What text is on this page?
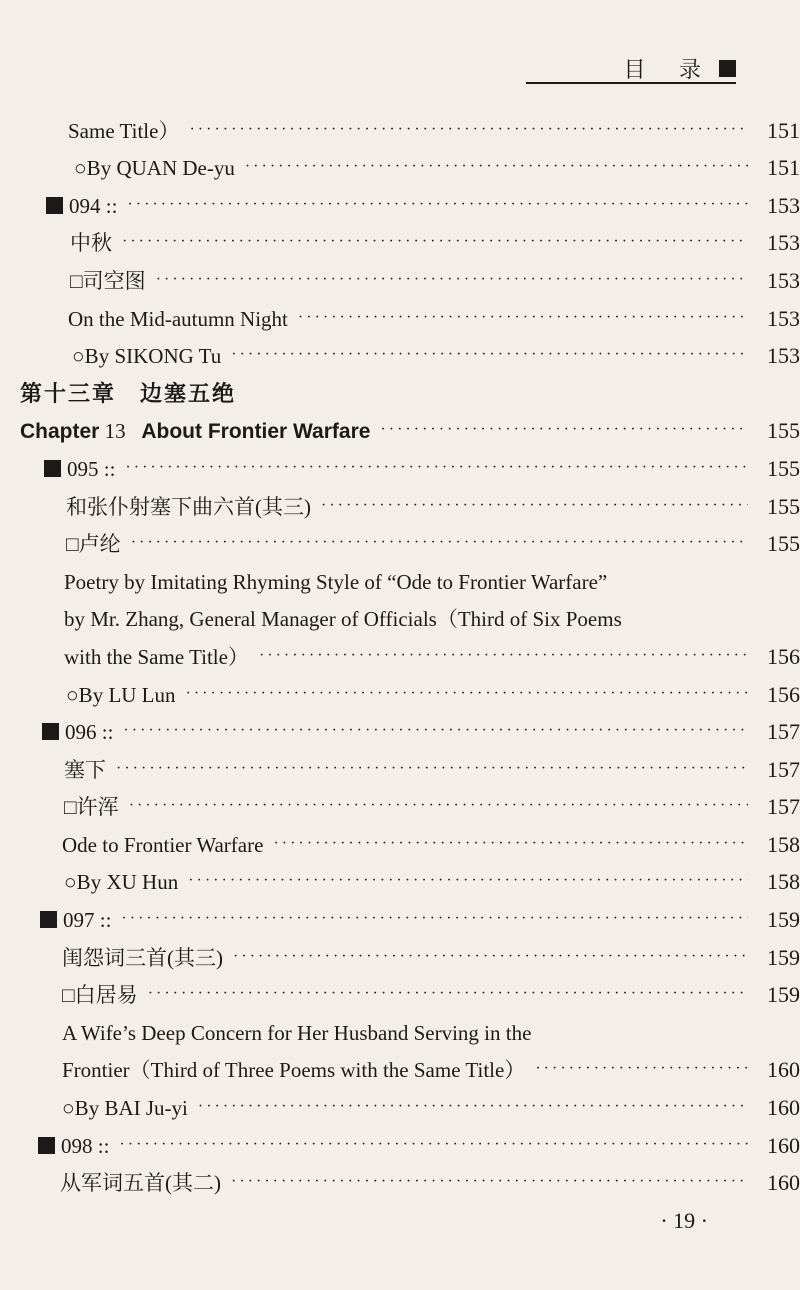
目 录
Same Title） ·····	151
○By QUAN De-yu ·····	151
094 :: ·····	153
中秋 ·····	153
□司空图 ·····	153
On the Mid-autumn Night ·····	153
○By SIKONG Tu ·····	153
第十三章　边塞五绝
Chapter 13 About Frontier Warfare ·····	155
095 :: ·····	155
和张仆射塞下曲六首(其三) ·····	155
□卢纶 ·····	155
Poetry by Imitating Rhyming Style of “Ode to Frontier Warfare”
by Mr. Zhang, General Manager of Officials（Third of Six Poems
with the Same Title） ·····	156
○By LU Lun ·····	156
096 :: ·····	157
塞下 ·····	157
□许浑 ·····	157
Ode to Frontier Warfare ·····	158
○By XU Hun ·····	158
097 :: ·····	159
闺怨词三首(其三) ·····	159
□白居易 ·····	159
A Wife’s Deep Concern for Her Husband Serving in the
Frontier（Third of Three Poems with the Same Title） ·····	160
○By BAI Ju-yi ·····	160
098 :: ·····	160
从军词五首(其二) ·····	160
· 19 ·
